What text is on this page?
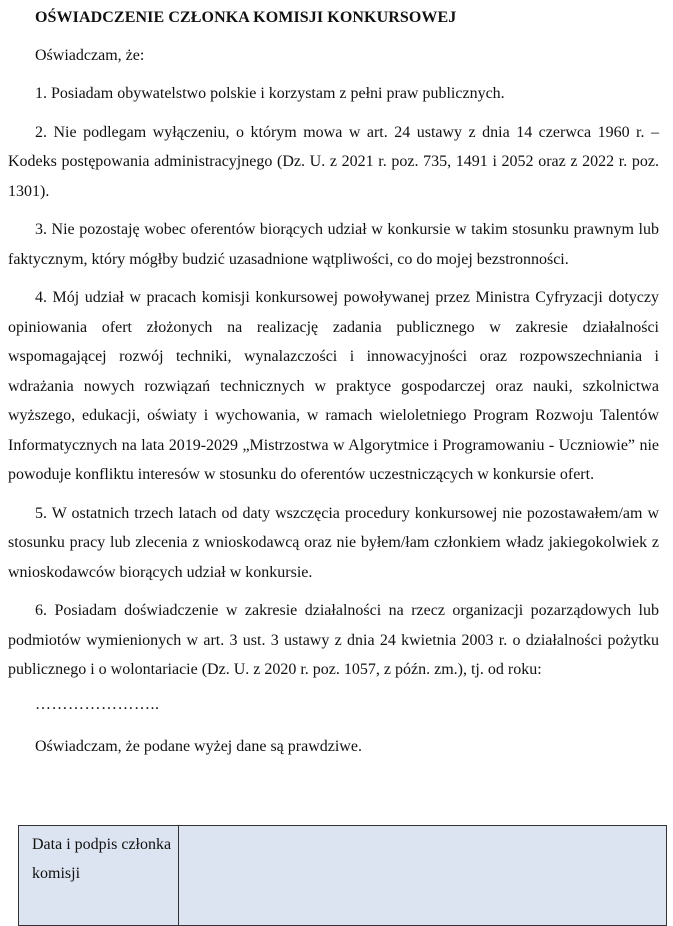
OŚWIADCZENIE CZŁONKA KOMISJI KONKURSOWEJ
Oświadczam, że:

1. Posiadam obywatelstwo polskie i korzystam z pełni praw publicznych.

2. Nie podlegam wyłączeniu, o którym mowa w art. 24 ustawy z dnia 14 czerwca 1960 r. – Kodeks postępowania administracyjnego (Dz. U. z 2021 r. poz. 735, 1491 i 2052 oraz z 2022 r. poz. 1301).

3. Nie pozostaję wobec oferentów biorących udział w konkursie w takim stosunku prawnym lub faktycznym, który mógłby budzić uzasadnione wątpliwości, co do mojej bezstronności.

4. Mój udział w pracach komisji konkursowej powoływanej przez Ministra Cyfryzacji dotyczy opiniowania ofert złożonych na realizację zadania publicznego w zakresie działalności wspomagającej rozwój techniki, wynalazczości i innowacyjności oraz rozpowszechniania i wdrażania nowych rozwiązań technicznych w praktyce gospodarczej oraz nauki, szkolnictwa wyższego, edukacji, oświaty i wychowania, w ramach wieloletniego Program Rozwoju Talentów Informatycznych na lata 2019-2029 „Mistrzostwa w Algorytmice i Programowaniu - Uczniowie” nie powoduje konfliktu interesów w stosunku do oferentów uczestniczących w konkursie ofert.

5. W ostatnich trzech latach od daty wszczęcia procedury konkursowej nie pozostawałem/am w stosunku pracy lub zlecenia z wnioskodawcą oraz nie byłem/łam członkiem władz jakiegokolwiek z wnioskodawców biorących udział w konkursie.

6. Posiadam doświadczenie w zakresie działalności na rzecz organizacji pozarządowych lub podmiotów wymienionych w art. 3 ust. 3 ustawy z dnia 24 kwietnia 2003 r. o działalności pożytku publicznego i o wolontariacie (Dz. U. z 2020 r. poz. 1057, z późn. zm.), tj. od roku:

…………………..
Oświadczam, że podane wyżej dane są prawdziwe.
Data i podpis członka komisji	
